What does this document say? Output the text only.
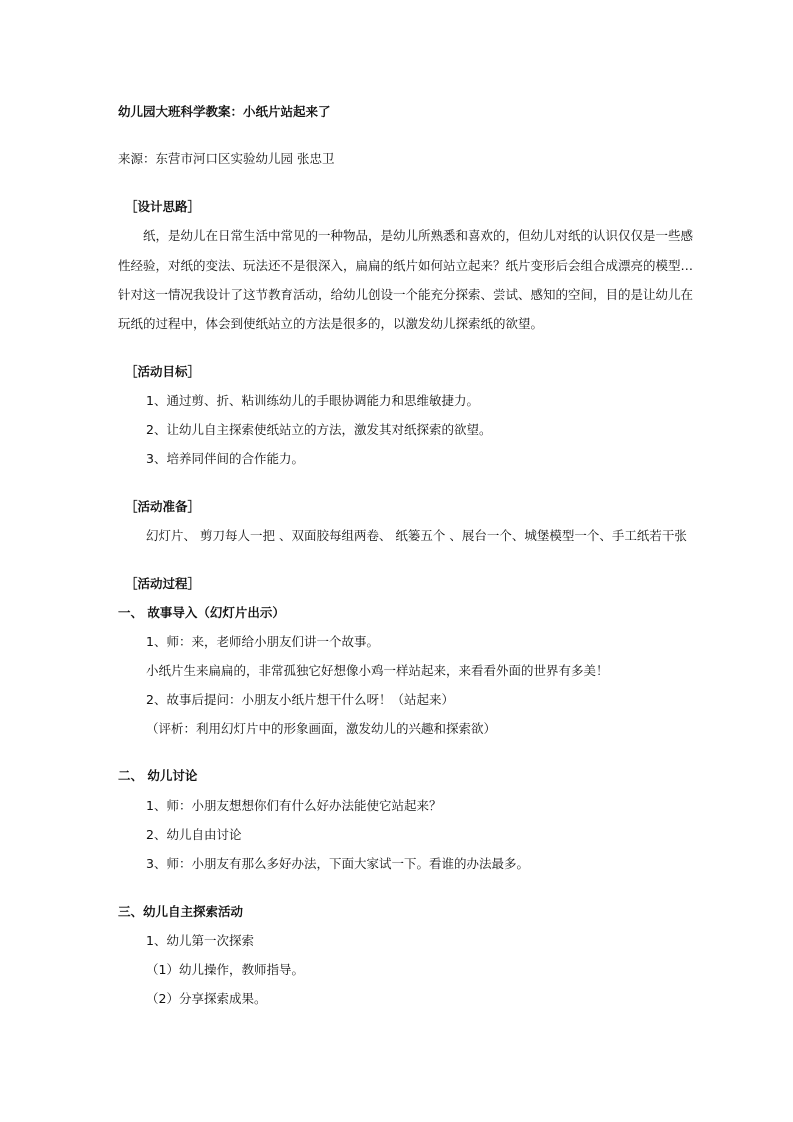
幼儿园大班科学教案：小纸片站起来了
来源：东营市河口区实验幼儿园 张忠卫
［设计思路］
　　纸，是幼儿在日常生活中常见的一种物品，是幼儿所熟悉和喜欢的，但幼儿对纸的认识仅仅是一些感
性经验，对纸的变法、玩法还不是很深入，扁扁的纸片如何站立起来？纸片变形后会组合成漂亮的模型…
针对这一情况我设计了这节教育活动，给幼儿创设一个能充分探索、尝试、感知的空间，目的是让幼儿在
玩纸的过程中，体会到使纸站立的方法是很多的，以激发幼儿探索纸的欲望。
［活动目标］
1、通过剪、折、粘训练幼儿的手眼协调能力和思维敏捷力。
2、让幼儿自主探索使纸站立的方法，激发其对纸探索的欲望。
3、培养同伴间的合作能力。
［活动准备］
幻灯片、 剪刀每人一把 、双面胶每组两卷、 纸篓五个 、展台一个、城堡模型一个、手工纸若干张
［活动过程］
一、 故事导入（幻灯片出示）
1、师：来，老师给小朋友们讲一个故事。
小纸片生来扁扁的，非常孤独它好想像小鸡一样站起来，来看看外面的世界有多美！
2、故事后提问：小朋友小纸片想干什么呀！（站起来）
（评析：利用幻灯片中的形象画面，激发幼儿的兴趣和探索欲）
二、 幼儿讨论
1、师：小朋友想想你们有什么好办法能使它站起来？
2、幼儿自由讨论
3、师：小朋友有那么多好办法，下面大家试一下。看谁的办法最多。
三、幼儿自主探索活动
1、幼儿第一次探索
（1）幼儿操作，教师指导。
（2）分享探索成果。
